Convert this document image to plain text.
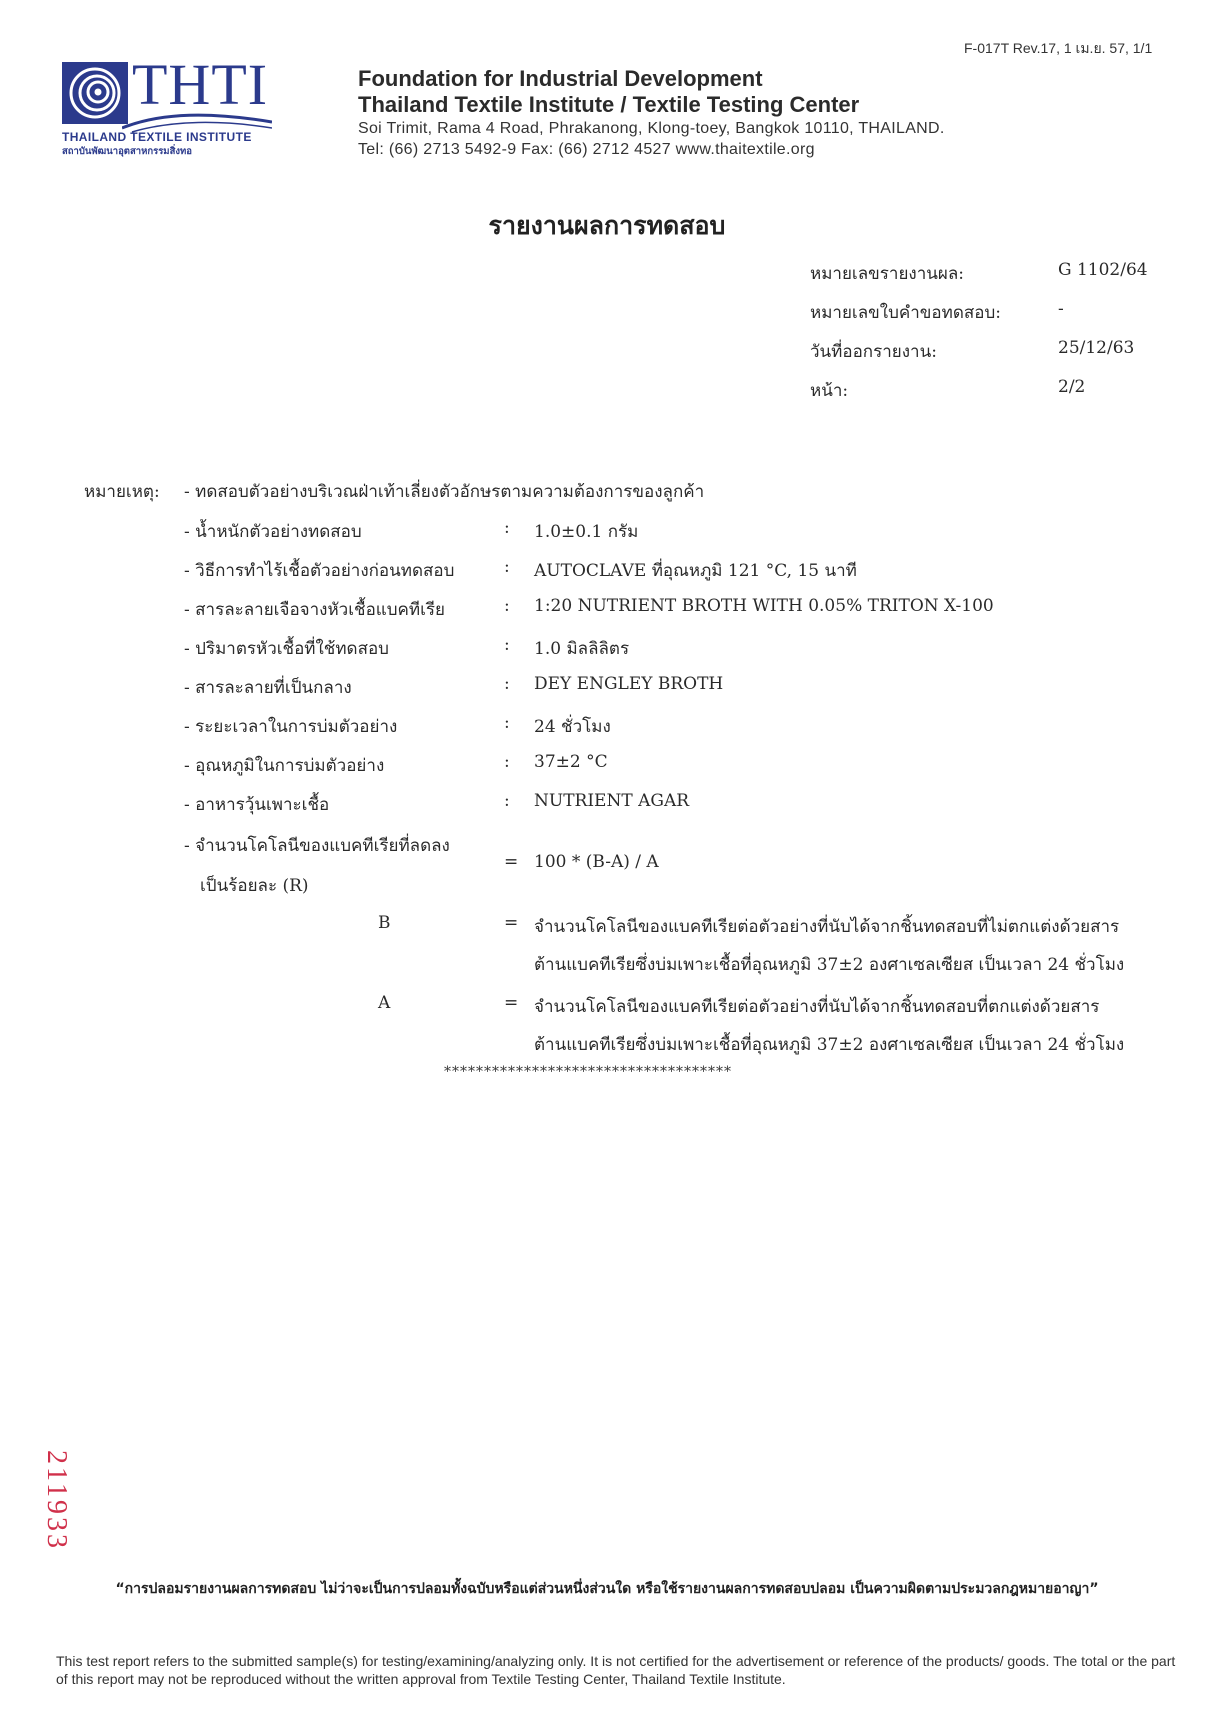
F-017T Rev.17, 1 เม.ย. 57, 1/1
THTI
THAILAND TEXTILE INSTITUTE
สถาบันพัฒนาอุตสาหกรรมสิ่งทอ
Foundation for Industrial Development
Thailand Textile Institute / Textile Testing Center
Soi Trimit, Rama 4 Road, Phrakanong, Klong-toey, Bangkok 10110, THAILAND.
Tel: (66) 2713 5492-9 Fax: (66) 2712 4527 www.thaitextile.org
รายงานผลการทดสอบ
หมายเลขรายงานผล:	G 1102/64
หมายเลขใบคำขอทดสอบ:	-
วันที่ออกรายงาน:	25/12/63
หน้า:	2/2
หมายเหตุ: - ทดสอบตัวอย่างบริเวณฝ่าเท้าเลี่ยงตัวอักษรตามความต้องการของลูกค้า
- น้ำหนักตัวอย่างทดสอบ	: 1.0±0.1 กรัม
- วิธีการทำไร้เชื้อตัวอย่างก่อนทดสอบ	: AUTOCLAVE ที่อุณหภูมิ 121 °C, 15 นาที
- สารละลายเจือจางหัวเชื้อแบคทีเรีย	: 1:20 NUTRIENT BROTH WITH 0.05% TRITON X-100
- ปริมาตรหัวเชื้อที่ใช้ทดสอบ	: 1.0 มิลลิลิตร
- สารละลายที่เป็นกลาง	: DEY ENGLEY BROTH
- ระยะเวลาในการบ่มตัวอย่าง	: 24 ชั่วโมง
- อุณหภูมิในการบ่มตัวอย่าง	: 37±2 °C
- อาหารวุ้นเพาะเชื้อ	: NUTRIENT AGAR
- จำนวนโคโลนีของแบคทีเรียที่ลดลง
เป็นร้อยละ (R)
= 100 * (B-A) / A
B	= จำนวนโคโลนีของแบคทีเรียต่อตัวอย่างที่นับได้จากชิ้นทดสอบที่ไม่ตกแต่งด้วยสาร
ต้านแบคทีเรียซึ่งบ่มเพาะเชื้อที่อุณหภูมิ 37±2 องศาเซลเซียส เป็นเวลา 24 ชั่วโมง
A	= จำนวนโคโลนีของแบคทีเรียต่อตัวอย่างที่นับได้จากชิ้นทดสอบที่ตกแต่งด้วยสาร
ต้านแบคทีเรียซึ่งบ่มเพาะเชื้อที่อุณหภูมิ 37±2 องศาเซลเซียส เป็นเวลา 24 ชั่วโมง
************************************
211933
“การปลอมรายงานผลการทดสอบ ไม่ว่าจะเป็นการปลอมทั้งฉบับหรือแต่ส่วนหนึ่งส่วนใด หรือใช้รายงานผลการทดสอบปลอม เป็นความผิดตามประมวลกฎหมายอาญา”
This test report refers to the submitted sample(s) for testing/examining/analyzing only. It is not certified for the advertisement or reference of the products/ goods. The total or the part of this report may not be reproduced without the written approval from Textile Testing Center, Thailand Textile Institute.
